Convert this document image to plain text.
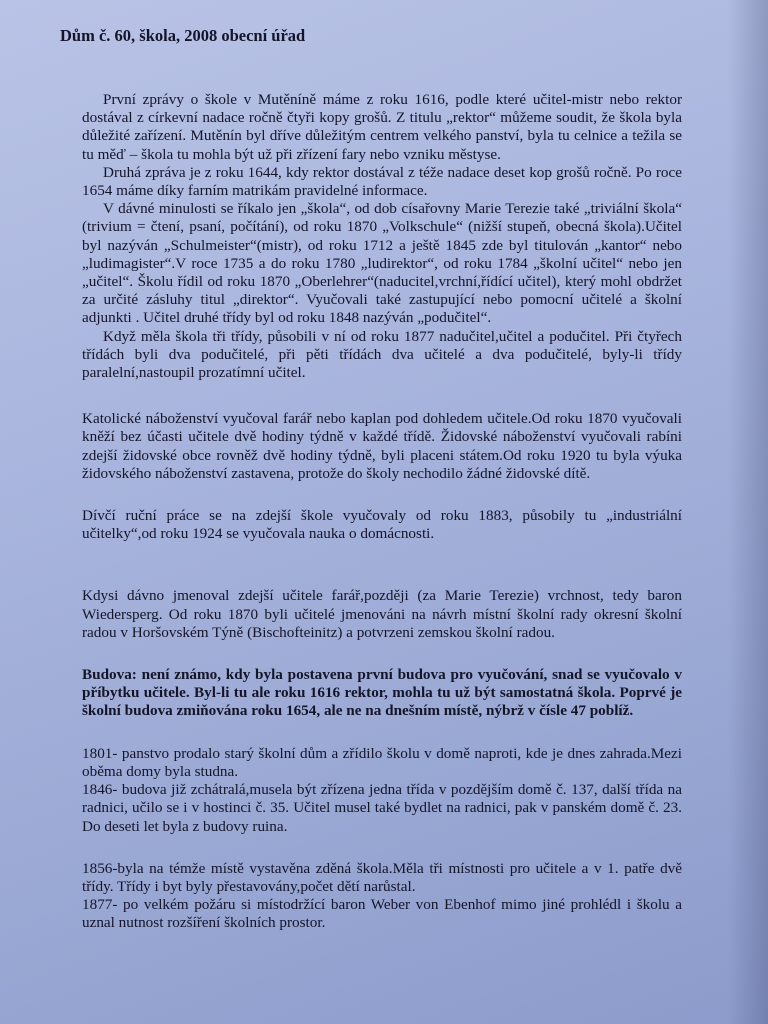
Dům č. 60, škola, 2008 obecní úřad

První zprávy o škole v Mutěníně máme z roku 1616, podle které učitel-mistr nebo rektor dostával z církevní nadace ročně čtyři kopy grošů. Z titulu „rektor“ můžeme soudit, že škola byla důležité zařízení. Mutěnín byl dříve důležitým centrem velkého panství, byla tu celnice a težila se tu měď – škola tu mohla být už při zřízení fary nebo vzniku městyse.

Druhá zpráva je z roku 1644, kdy rektor dostával z téže nadace deset kop grošů ročně. Po roce 1654 máme díky farním matrikám pravidelné informace.

V dávné minulosti se říkalo jen „škola“, od dob císařovny Marie Terezie také „triviální škola“ (trivium = čtení, psaní, počítání), od roku 1870 „Volkschule“ (nižší stupeň, obecná škola).Učitel byl nazýván „Schulmeister“(mistr), od roku 1712 a ještě 1845 zde byl titulován „kantor“ nebo „ludimagister“.V roce 1735 a do roku 1780 „ludirektor“, od roku 1784 „školní učitel“ nebo jen „učitel“. Školu řídil od roku 1870 „Oberlehrer“(naducitel,vrchní,řídící učitel), který mohl obdržet za určité zásluhy titul „direktor“. Vyučovali také zastupující nebo pomocní učitelé a školní adjunkti . Učitel druhé třídy byl od roku 1848 nazýván „podučitel“.

Když měla škola tři třídy, působili v ní od roku 1877 nadučitel,učitel a podučitel. Při čtyřech třídách byli dva podučitelé, při pěti třídách dva učitelé a dva podučitelé, byly-li třídy paralelní,nastoupil prozatímní učitel.

Katolické náboženství vyučoval farář nebo kaplan pod dohledem učitele.Od roku 1870 vyučovali kněží bez účasti učitele dvě hodiny týdně v každé třídě. Židovské náboženství vyučovali rabíni zdejší židovské obce rovněž dvě hodiny týdně, byli placeni státem.Od roku 1920 tu byla výuka židovského náboženství zastavena, protože do školy nechodilo žádné židovské dítě.

Dívčí ruční práce se na zdejší škole vyučovaly od roku 1883, působily tu „industriální učitelky“,od roku 1924 se vyučovala nauka o domácnosti.

Kdysi dávno jmenoval zdejší učitele farář,později (za Marie Terezie) vrchnost, tedy baron Wiedersperg. Od roku 1870 byli učitelé jmenováni na návrh místní školní rady okresní školní radou v Horšovském Týně (Bischofteinitz) a potvrzeni zemskou školní radou.

Budova: není známo, kdy byla postavena první budova pro vyučování, snad se vyučovalo v příbytku učitele. Byl-li tu ale roku 1616 rektor, mohla tu už být samostatná škola. Poprvé je školní budova zmiňována roku 1654, ale ne na dnešním místě, nýbrž v čísle 47 poblíž.

1801- panstvo prodalo starý školní dům a zřídilo školu v domě naproti, kde je dnes zahrada.Mezi oběma domy byla studna.

1846- budova již zchátralá,musela být zřízena jedna třída v pozdějším domě č. 137, další třída na radnici, učilo se i v hostinci č. 35. Učitel musel také bydlet na radnici, pak v panském domě č. 23. Do deseti let byla z budovy ruina.

1856-byla na témže místě vystavěna zděná škola.Měla tři místnosti pro učitele a v 1. patře dvě třídy. Třídy i byt byly přestavovány,počet dětí narůstal.

1877- po velkém požáru si místodržící baron Weber von Ebenhof mimo jiné prohlédl i školu a uznal nutnost rozšíření školních prostor.
